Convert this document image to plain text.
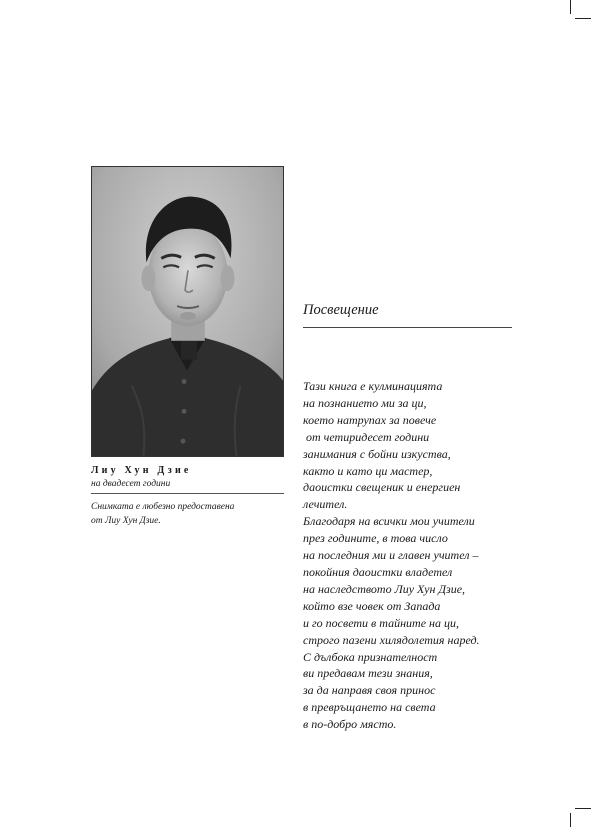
Лиу Хун Дзие
на двадесет години
Снимката е любезно предоставена
от Лиу Хун Дзие.
Посвещение
Тази книга е кулминацията
на познанието ми за ци,
което натрупах за повече
от четиридесет години
занимания с бойни изкуства,
както и като ци мастер,
даоистки свещеник и енергиен
лечител.
Благодаря на всички мои учители
през годините, в това число
на последния ми и главен учител –
покойния даоистки владетел
на наследството Лиу Хун Дзие,
който взе човек от Запада
и го посвети в тайните на ци,
строго пазени хилядолетия наред.
С дълбока признателност
ви предавам тези знания,
за да направя своя принос
в превръщането на света
в по-добро място.
